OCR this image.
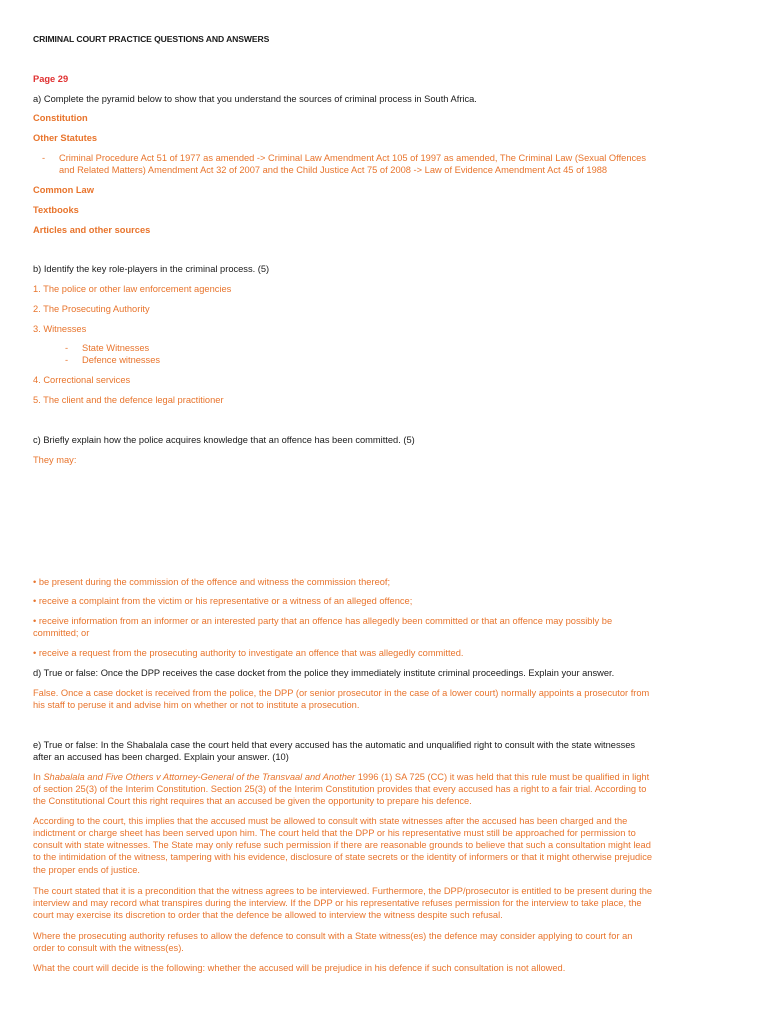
CRIMINAL COURT PRACTICE QUESTIONS AND ANSWERS
Page 29
a) Complete the pyramid below to show that you understand the sources of criminal process in South Africa.
Constitution
Other Statutes
-	Criminal Procedure Act 51 of 1977 as amended -> Criminal Law Amendment Act 105 of 1997 as amended, The Criminal Law (Sexual Offences
and Related Matters) Amendment Act 32 of 2007 and the Child Justice Act 75 of 2008 -> Law of Evidence Amendment Act 45 of 1988
Common Law
Textbooks
Articles and other sources
b) Identify the key role-players in the criminal process. (5)
1. The police or other law enforcement agencies
2. The Prosecuting Authority
3. Witnesses
-	State Witnesses
-	Defence witnesses
4. Correctional services
5. The client and the defence legal practitioner
c) Briefly explain how the police acquires knowledge that an offence has been committed. (5)
They may:
• be present during the commission of the offence and witness the commission thereof;
• receive a complaint from the victim or his representative or a witness of an alleged offence;
• receive information from an informer or an interested party that an offence has allegedly been committed or that an offence may possibly be
committed; or
• receive a request from the prosecuting authority to investigate an offence that was allegedly committed.
d) True or false: Once the DPP receives the case docket from the police they immediately institute criminal proceedings. Explain your answer.
False. Once a case docket is received from the police, the DPP (or senior prosecutor in the case of a lower court) normally appoints a prosecutor from
his staff to peruse it and advise him on whether or not to institute a prosecution.
e) True or false: In the Shabalala case the court held that every accused has the automatic and unqualified right to consult with the state witnesses
after an accused has been charged. Explain your answer. (10)
In Shabalala and Five Others v Attorney-General of the Transvaal and Another 1996 (1) SA 725 (CC) it was held that this rule must be qualified in light
of section 25(3) of the Interim Constitution. Section 25(3) of the Interim Constitution provides that every accused has a right to a fair trial. According to
the Constitutional Court this right requires that an accused be given the opportunity to prepare his defence.
According to the court, this implies that the accused must be allowed to consult with state witnesses after the accused has been charged and the
indictment or charge sheet has been served upon him. The court held that the DPP or his representative must still be approached for permission to
consult with state witnesses. The State may only refuse such permission if there are reasonable grounds to believe that such a consultation might lead
to the intimidation of the witness, tampering with his evidence, disclosure of state secrets or the identity of informers or that it might otherwise prejudice
the proper ends of justice.
The court stated that it is a precondition that the witness agrees to be interviewed. Furthermore, the DPP/prosecutor is entitled to be present during the
interview and may record what transpires during the interview. If the DPP or his representative refuses permission for the interview to take place, the
court may exercise its discretion to order that the defence be allowed to interview the witness despite such refusal.
Where the prosecuting authority refuses to allow the defence to consult with a State witness(es) the defence may consider applying to court for an
order to consult with the witness(es).
What the court will decide is the following: whether the accused will be prejudice in his defence if such consultation is not allowed.
